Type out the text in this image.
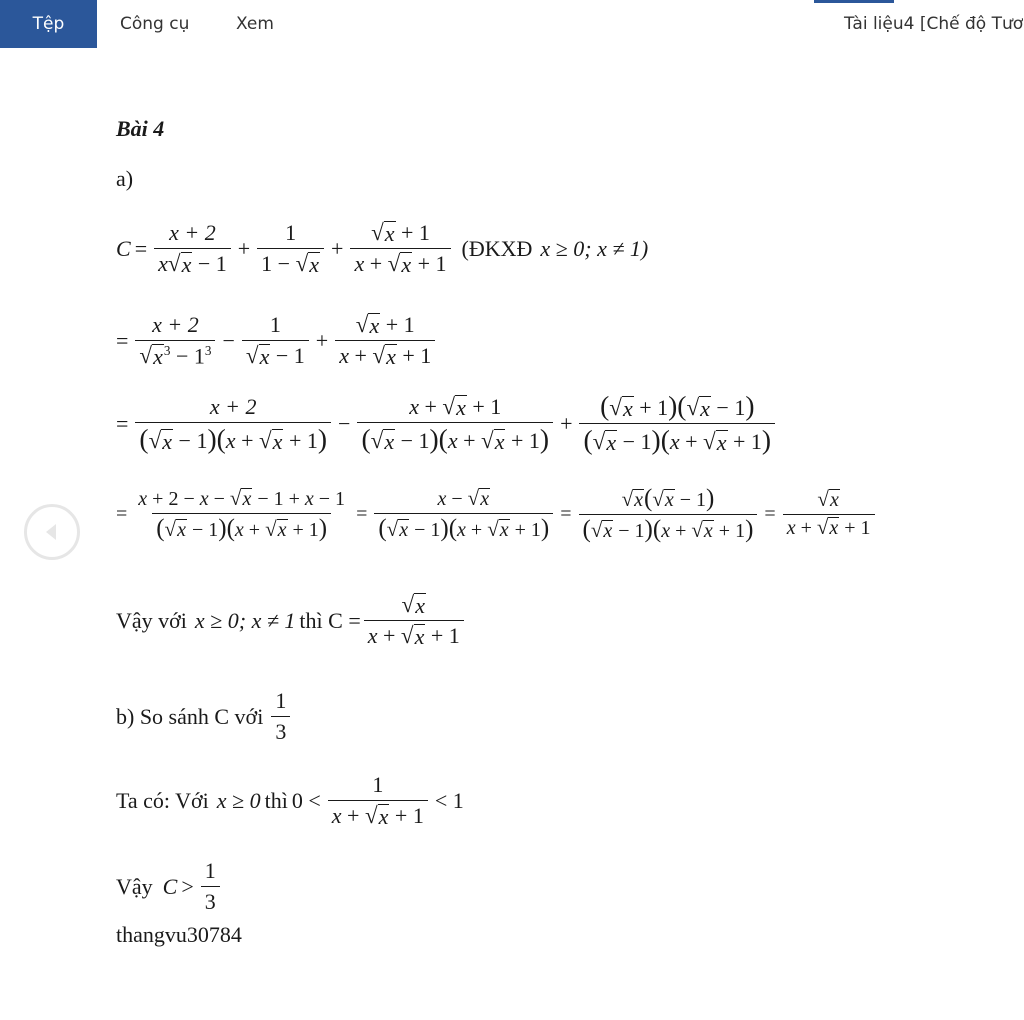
Tệp	Công cụ	Xem	Tài liệu4 [Chế độ Tươ
Bài 4
a)
$C = \frac{x + 2}{x √ x - 1} + \frac{1}{1 - √ x} + \frac{√ x + 1}{x + √ x + 1}$ (ĐKXĐ x ≥ 0; x ≠ 1)
= $\frac{x + 2}{√ x ^3 - 1^3} - \frac{1}{√ x - 1} + \frac{√ x + 1}{x + √ x + 1}$
= $\frac{x + 2}{( √ x - 1)(x + √ x + 1)} - \frac{x + √ x + 1}{( √ x - 1)(x + √ x + 1)} + \frac{( √ x + 1)( √ x - 1)}{( √ x - 1)(x + √ x + 1)}$
= $\frac{x + 2 - x - √ x - 1 + x - 1}{( √ x - 1)(x + √ x + 1)} = \frac{x - √ x}{( √ x - 1)(x + √ x + 1)} = \frac{√ x ( √ x - 1)}{( √ x - 1)(x + √ x + 1)} = \frac{√ x}{x + √ x + 1}$
Vậy với x ≥ 0; x ≠ 1 thì $C = \frac{√ x}{x + √ x + 1}$
b) So sánh C với $\frac{1}{3}$
Ta có: Với x ≥ 0 thì $0 < \frac{1}{x + √ x + 1} < 1$
Vậy $C > \frac{1}{3}$
thangvu30784
